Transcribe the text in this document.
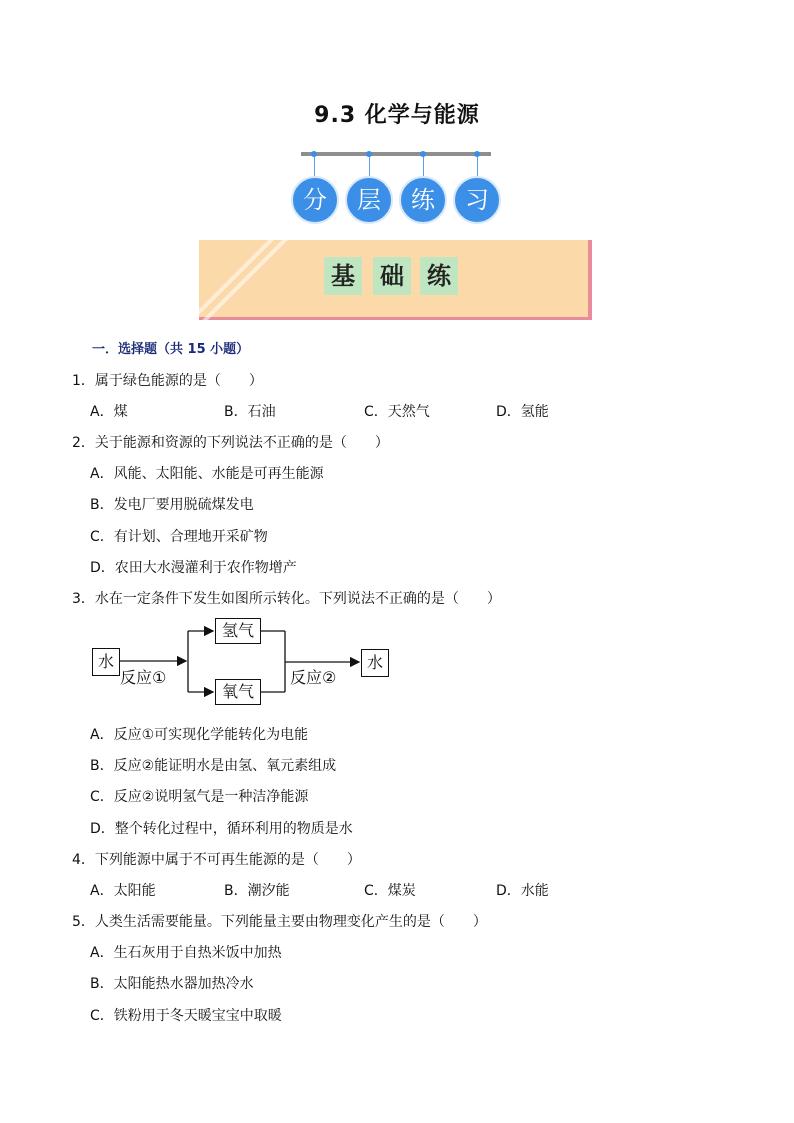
9.3 化学与能源
分	层	练	习
基 础 练
一．选择题（共 15 小题）
1．属于绿色能源的是（　　）
A．煤	B．石油	C．天然气	D．氢能
2．关于能源和资源的下列说法不正确的是（　　）
A．风能、太阳能、水能是可再生能源
B．发电厂要用脱硫煤发电
C．有计划、合理地开采矿物
D．农田大水漫灌利于农作物增产
3．水在一定条件下发生如图所示转化。下列说法不正确的是（　　）
水
氢气
氧气
水
反应①	反应②
A．反应①可实现化学能转化为电能
B．反应②能证明水是由氢、氧元素组成
C．反应②说明氢气是一种洁净能源
D．整个转化过程中，循环利用的物质是水
4．下列能源中属于不可再生能源的是（　　）
A．太阳能	B．潮汐能	C．煤炭	D．水能
5．人类生活需要能量。下列能量主要由物理变化产生的是（　　）
A．生石灰用于自热米饭中加热
B．太阳能热水器加热冷水
C．铁粉用于冬天暖宝宝中取暖
